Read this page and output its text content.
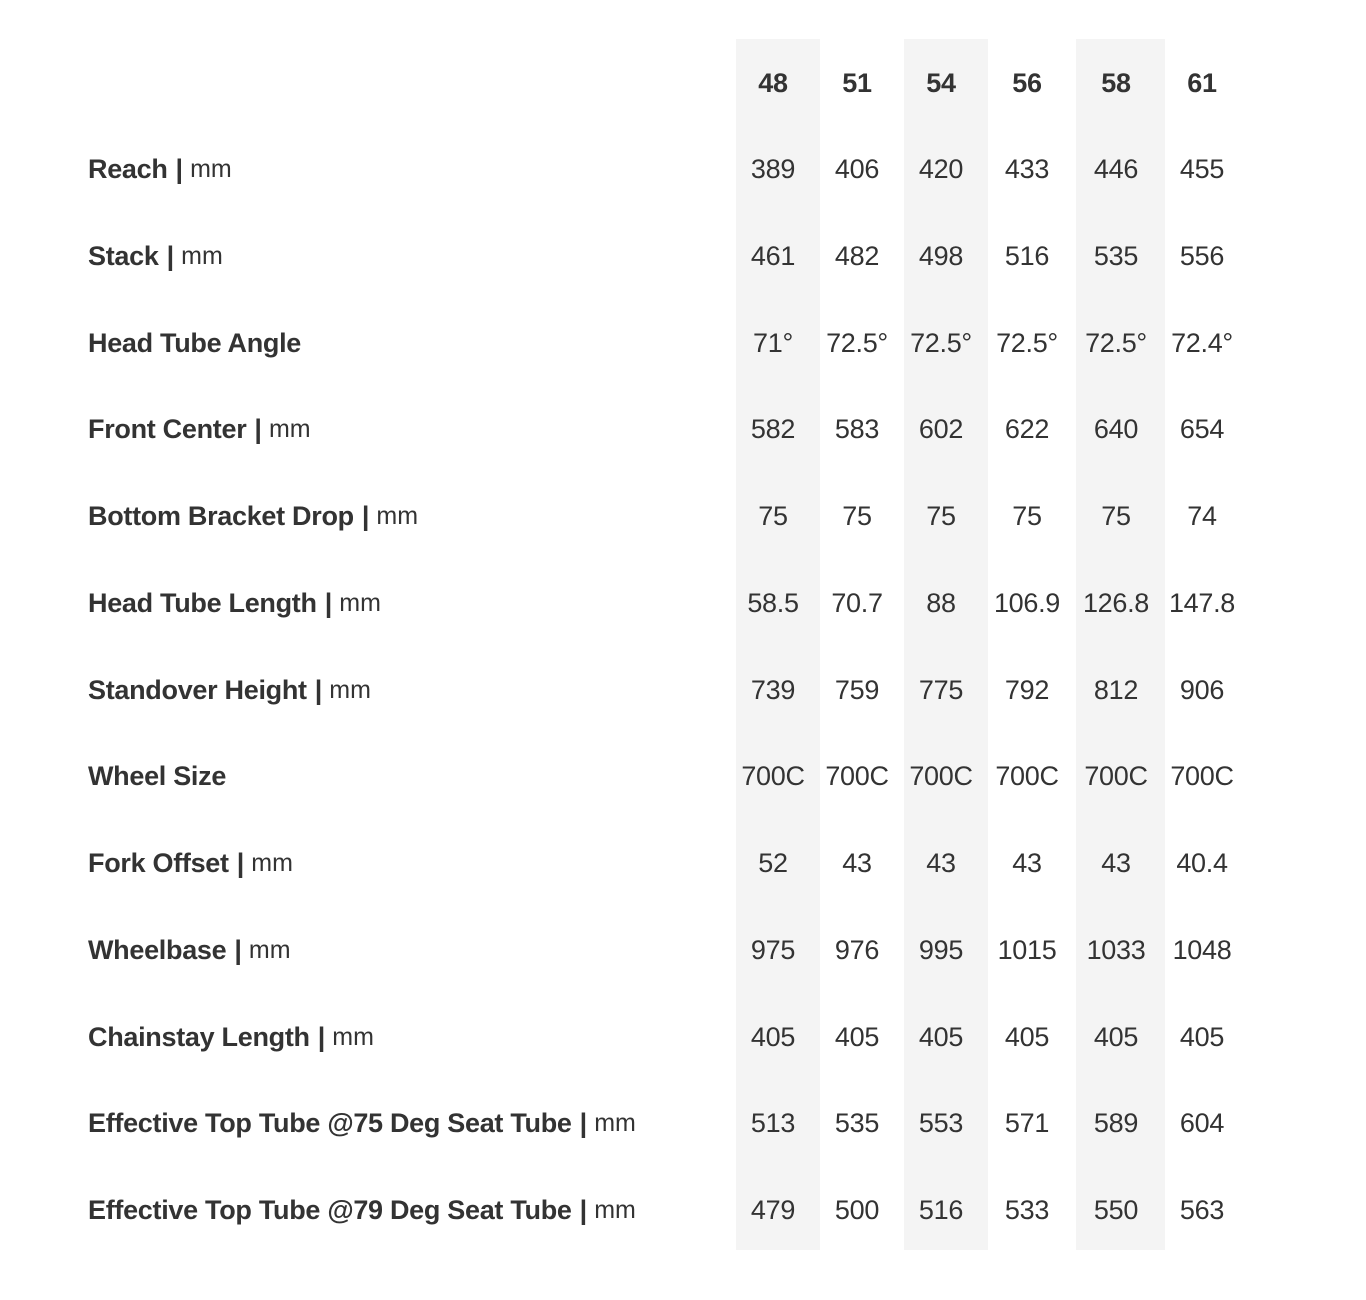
48	51	54	56	58	61
Reach | mm	389	406	420	433	446	455
Stack | mm	461	482	498	516	535	556
Head Tube Angle	71°	72.5° 72.5° 72.5°	72.5° 72.4°
Front Center | mm	582	583	602	622	640	654
Bottom Bracket Drop | mm	75	75	75	75	75	74
Head Tube Length | mm	58.5	70.7	88	106.9 126.8 147.8
Standover Height | mm	739	759	775	792	812	906
Wheel Size	700C 700C 700C 700C 700C 700C
Fork Offset | mm	52	43	43	43	43	40.4
Wheelbase | mm	975	976	995	1015	1033	1048
Chainstay Length | mm	405	405	405	405	405	405
Effective Top Tube @75 Deg Seat Tube | mm	513	535	553	571	589	604
Effective Top Tube @79 Deg Seat Tube | mm	479	500	516	533	550	563
